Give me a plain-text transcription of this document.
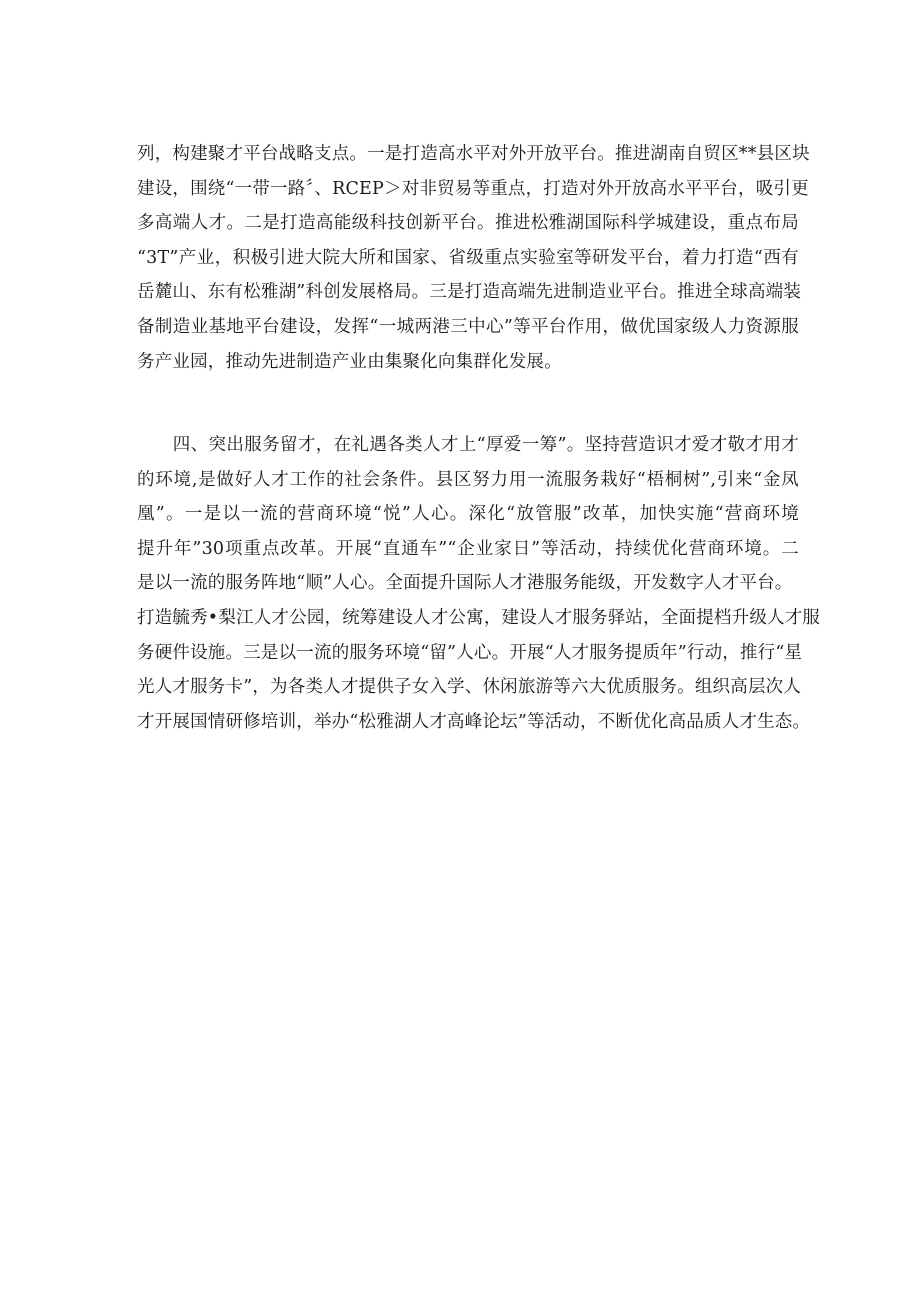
列，构建聚才平台战略支点。一是打造高水平对外开放平台。推进湖南自贸区**县区块
建设，围绕“一带一路〞、RCEP＞对非贸易等重点，打造对外开放高水平平台，吸引更
多高端人才。二是打造高能级科技创新平台。推进松雅湖国际科学城建设，重点布局
“3T”产业，积极引进大院大所和国家、省级重点实验室等研发平台，着力打造“西有
岳麓山、东有松雅湖”科创发展格局。三是打造高端先进制造业平台。推进全球高端装
备制造业基地平台建设，发挥“一城两港三中心”等平台作用，做优国家级人力资源服
务产业园，推动先进制造产业由集聚化向集群化发展。
　　四、突出服务留才，在礼遇各类人才上“厚爱一筹”。坚持营造识才爱才敬才用才
的环境,是做好人才工作的社会条件。县区努力用一流服务栽好“梧桐树”,引来“金凤
凰”。一是以一流的营商环境“悦”人心。深化“放管服”改革，加快实施“营商环境
提升年”30项重点改革。开展“直通车”“企业家日”等活动，持续优化营商环境。二
是以一流的服务阵地“顺”人心。全面提升国际人才港服务能级，开发数字人才平台。
打造毓秀•梨江人才公园，统筹建设人才公寓，建设人才服务驿站，全面提档升级人才服
务硬件设施。三是以一流的服务环境“留”人心。开展“人才服务提质年”行动，推行“星
光人才服务卡”，为各类人才提供子女入学、休闲旅游等六大优质服务。组织高层次人
才开展国情研修培训，举办“松雅湖人才高峰论坛”等活动，不断优化高品质人才生态。
